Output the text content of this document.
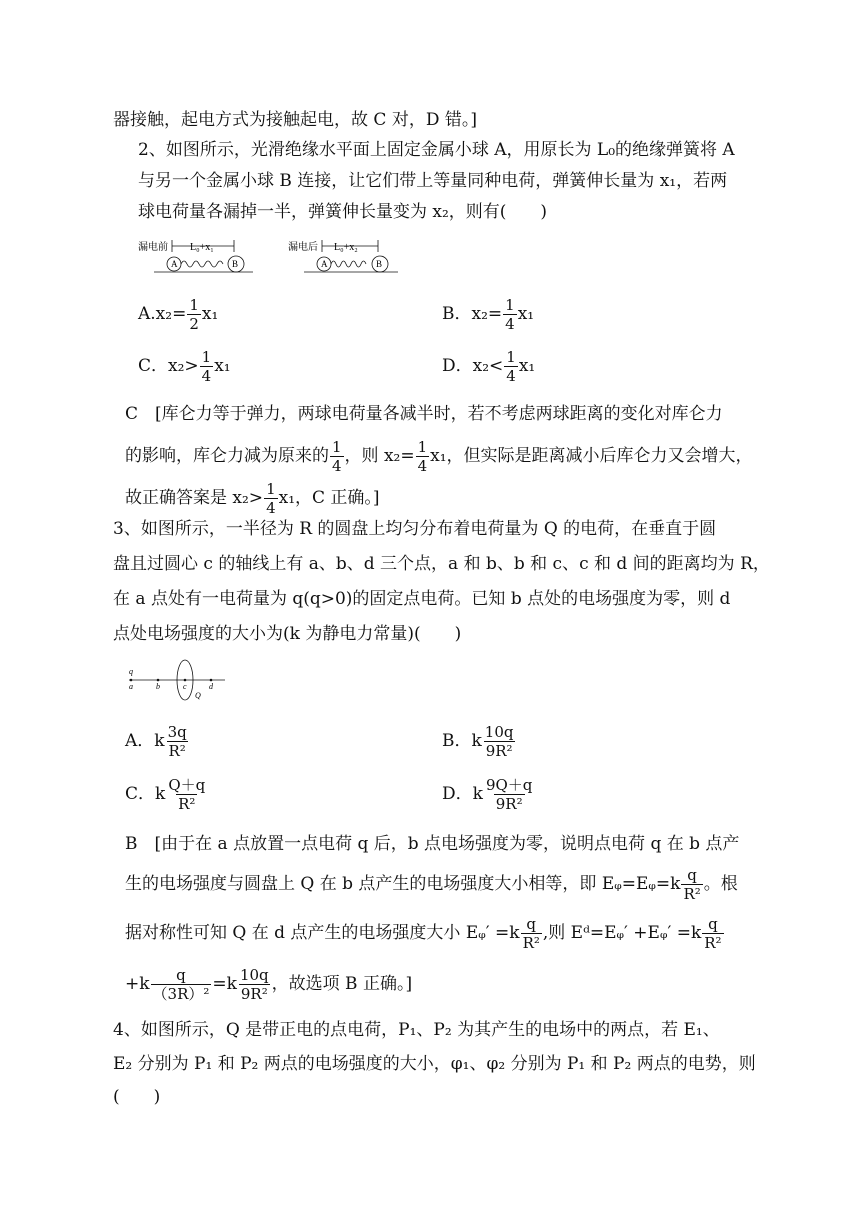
器接触，起电方式为接触起电，故 C 对，D 错。]
2、如图所示，光滑绝缘水平面上固定金属小球 A，用原长为 L₀的绝缘弹簧将 A
与另一个金属小球 B 连接，让它们带上等量同种电荷，弹簧伸长量为 x₁，若两
球电荷量各漏掉一半，弹簧伸长量变为 x₂，则有(　　)
漏电前 L₀+x₁
A	B
漏电后 L₀+x₂
A	B
$A.x_2= \frac{1}{2} x_1$	B．$x_2= \frac{1}{4} x_1$
C．$x_2> \frac{1}{4} x_1$	D．$x_2< \frac{1}{4} x_1$
C　[库仑力等于弹力，两球电荷量各减半时，若不考虑两球距离的变化对库仑力
的影响，库仑力减为原来的 $\frac{1}{4}$ ，则 $x_2= \frac{1}{4} x_1$，但实际是距离减小后库仑力又会增大，
故正确答案是 $x_2> \frac{1}{4} x_1$，C 正确。]
3、如图所示，一半径为 R 的圆盘上均匀分布着电荷量为 Q 的电荷，在垂直于圆
盘且过圆心 c 的轴线上有 a、b、d 三个点，a 和 b、b 和 c、c 和 d 间的距离均为 R，
在 a 点处有一电荷量为 q(q>0)的固定点电荷。已知 b 点处的电场强度为零，则 d
点处电场强度的大小为(k 为静电力常量)(　　)
q
a	b	c	d
Q
A．k $\frac{3q}{\text{R²}}$	B．k $\frac{10q}{\text{9R²}}$
C．k $\frac{Q+q}{\text{R²}}$	D．k $\frac{9Q+q}{\text{9R²}}$
B　[由于在 a 点放置一点电荷 q 后，b 点电场强度为零，说明点电荷 q 在 b 点产
生的电场强度与圆盘上 Q 在 b 点产生的电场强度大小相等，即 Eᵩ=Eᵩ=k $\frac{q}{\text{R²}}$ 。根
据对称性可知 Q 在 d 点产生的电场强度大小 Eᵩ′ $=k \frac{q}{\text{R²}}$ ,则 Eᵈ=Eᵩ′ +Eᵩ′ $=k \frac{q}{\text{R²}}$
$+k \frac{q}{\text{（3R）²}} =k \frac{10q}{\text{9R²}}$ ，故选项 B 正确。]
4、如图所示，Q 是带正电的点电荷，P₁、P₂ 为其产生的电场中的两点，若 E₁、
E₂ 分别为 P₁ 和 P₂ 两点的电场强度的大小，φ₁、φ₂ 分别为 P₁ 和 P₂ 两点的电势，则
(　　)
